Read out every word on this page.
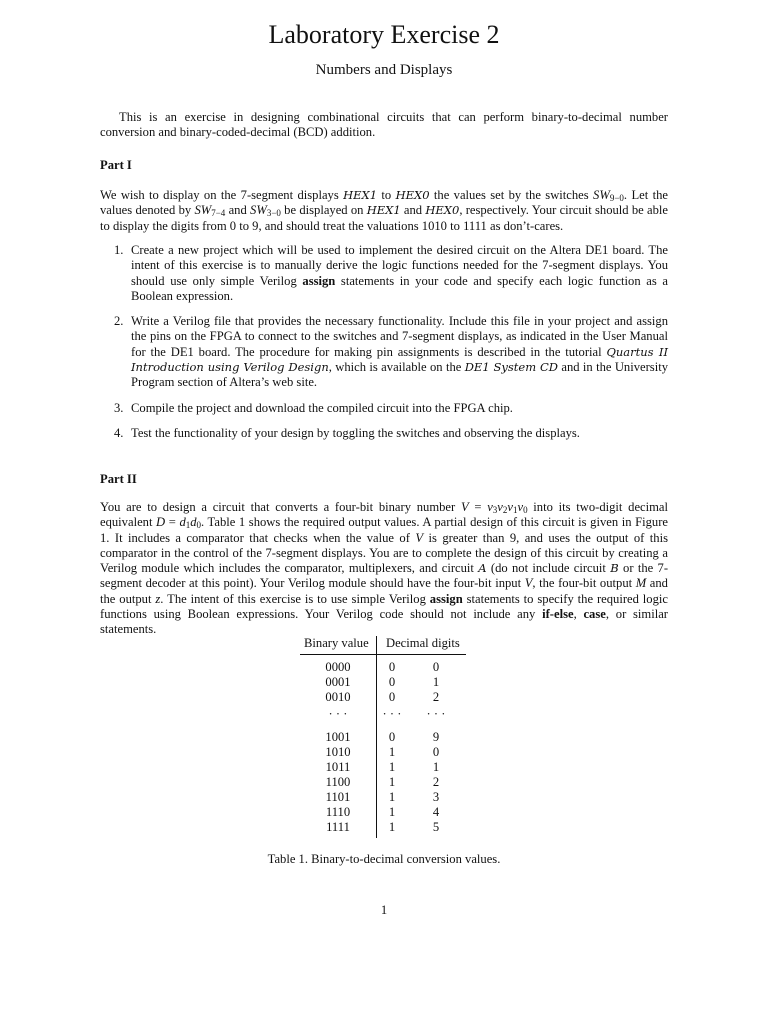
Laboratory Exercise 2
Numbers and Displays

This is an exercise in designing combinational circuits that can perform binary-to-decimal number conversion and binary-coded-decimal (BCD) addition.

Part I

We wish to display on the 7-segment displays HEX1 to HEX0 the values set by the switches $SW_{9-0}$. Let the values denoted by $SW_{7-4}$ and $SW_{3-0}$ be displayed on HEX1 and HEX0, respectively. Your circuit should be able to display the digits from 0 to 9, and should treat the valuations 1010 to 1111 as don’t-cares.

1. Create a new project which will be used to implement the desired circuit on the Altera DE1 board. The intent of this exercise is to manually derive the logic functions needed for the 7-segment displays. You should use only simple Verilog assign statements in your code and specify each logic function as a Boolean expression.
2. Write a Verilog file that provides the necessary functionality. Include this file in your project and assign the pins on the FPGA to connect to the switches and 7-segment displays, as indicated in the User Manual for the DE1 board. The procedure for making pin assignments is described in the tutorial Quartus II Introduction using Verilog Design, which is available on the DE1 System CD and in the University Program section of Altera’s web site.
3. Compile the project and download the compiled circuit into the FPGA chip.
4. Test the functionality of your design by toggling the switches and observing the displays.
Part II

You are to design a circuit that converts a four-bit binary number $V = v_3v_2v_1v_0$ into its two-digit decimal equivalent $D = d_1d_0$. Table 1 shows the required output values. A partial design of this circuit is given in Figure 1. It includes a comparator that checks when the value of V is greater than 9, and uses the output of this comparator in the control of the 7-segment displays. You are to complete the design of this circuit by creating a Verilog module which includes the comparator, multiplexers, and circuit A (do not include circuit B or the 7-segment decoder at this point). Your Verilog module should have the four-bit input V, the four-bit output M and the output z. The intent of this exercise is to use simple Verilog assign statements to specify the required logic functions using Boolean expressions. Your Verilog code should not include any if-else, case, or similar statements.

Binary value Decimal digits
0000	0	0
0001	0	1
0010	0	2
· · ·	· · ·	· · ·
1001	0	9
1010	1	0
1011	1	1
1100	1	2
1101	1	3
1110	1	4
1111	1	5
Table 1. Binary-to-decimal conversion values.
1
